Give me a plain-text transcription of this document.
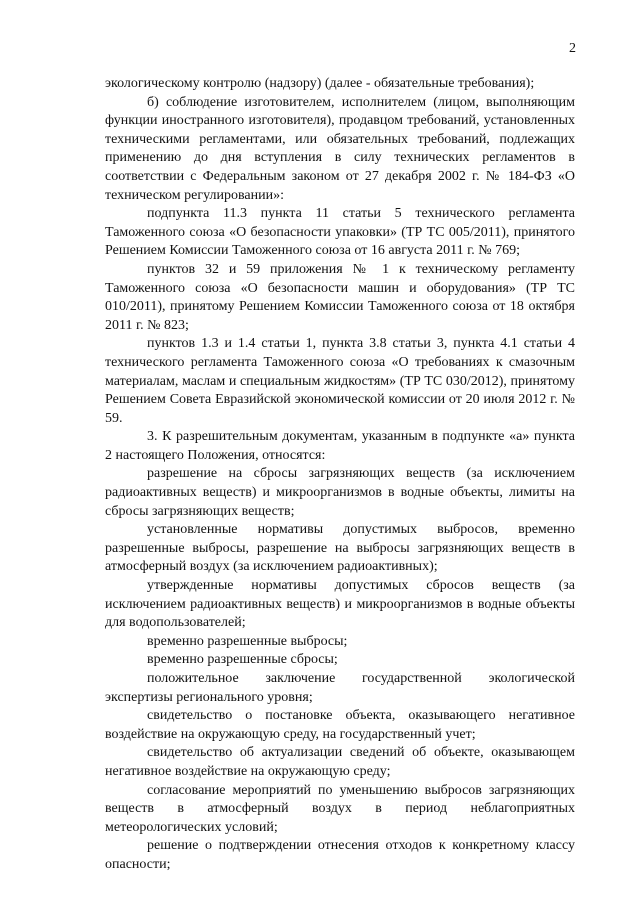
2

экологическому контролю (надзору) (далее - обязательные требования);

б) соблюдение изготовителем, исполнителем (лицом, выполняющим функции иностранного изготовителя), продавцом требований, установленных техническими регламентами, или обязательных требований, подлежащих применению до дня вступления в силу технических регламентов в соответствии с Федеральным законом от 27 декабря 2002 г. № 184-ФЗ «О техническом регулировании»:

подпункта 11.3 пункта 11 статьи 5 технического регламента Таможенного союза «О безопасности упаковки» (ТР ТС 005/2011), принятого Решением Комиссии Таможенного союза от 16 августа 2011 г. № 769;

пунктов 32 и 59 приложения № 1 к техническому регламенту Таможенного союза «О безопасности машин и оборудования» (ТР ТС 010/2011), принятому Решением Комиссии Таможенного союза от 18 октября 2011 г. № 823;

пунктов 1.3 и 1.4 статьи 1, пункта 3.8 статьи 3, пункта 4.1 статьи 4 технического регламента Таможенного союза «О требованиях к смазочным материалам, маслам и специальным жидкостям» (ТР ТС 030/2012), принятому Решением Совета Евразийской экономической комиссии от 20 июля 2012 г. № 59.

3. К разрешительным документам, указанным в подпункте «а» пункта 2 настоящего Положения, относятся:

разрешение на сбросы загрязняющих веществ (за исключением радиоактивных веществ) и микроорганизмов в водные объекты, лимиты на сбросы загрязняющих веществ;

установленные нормативы допустимых выбросов, временно разрешенные выбросы, разрешение на выбросы загрязняющих веществ в атмосферный воздух (за исключением радиоактивных);

утвержденные нормативы допустимых сбросов веществ (за исключением радиоактивных веществ) и микроорганизмов в водные объекты для водопользователей;

временно разрешенные выбросы;

временно разрешенные сбросы;

положительное заключение государственной экологической экспертизы регионального уровня;

свидетельство о постановке объекта, оказывающего негативное воздействие на окружающую среду, на государственный учет;

свидетельство об актуализации сведений об объекте, оказывающем негативное воздействие на окружающую среду;

согласование мероприятий по уменьшению выбросов загрязняющих веществ в атмосферный воздух в период неблагоприятных метеорологических условий;

решение о подтверждении отнесения отходов к конкретному классу опасности;
